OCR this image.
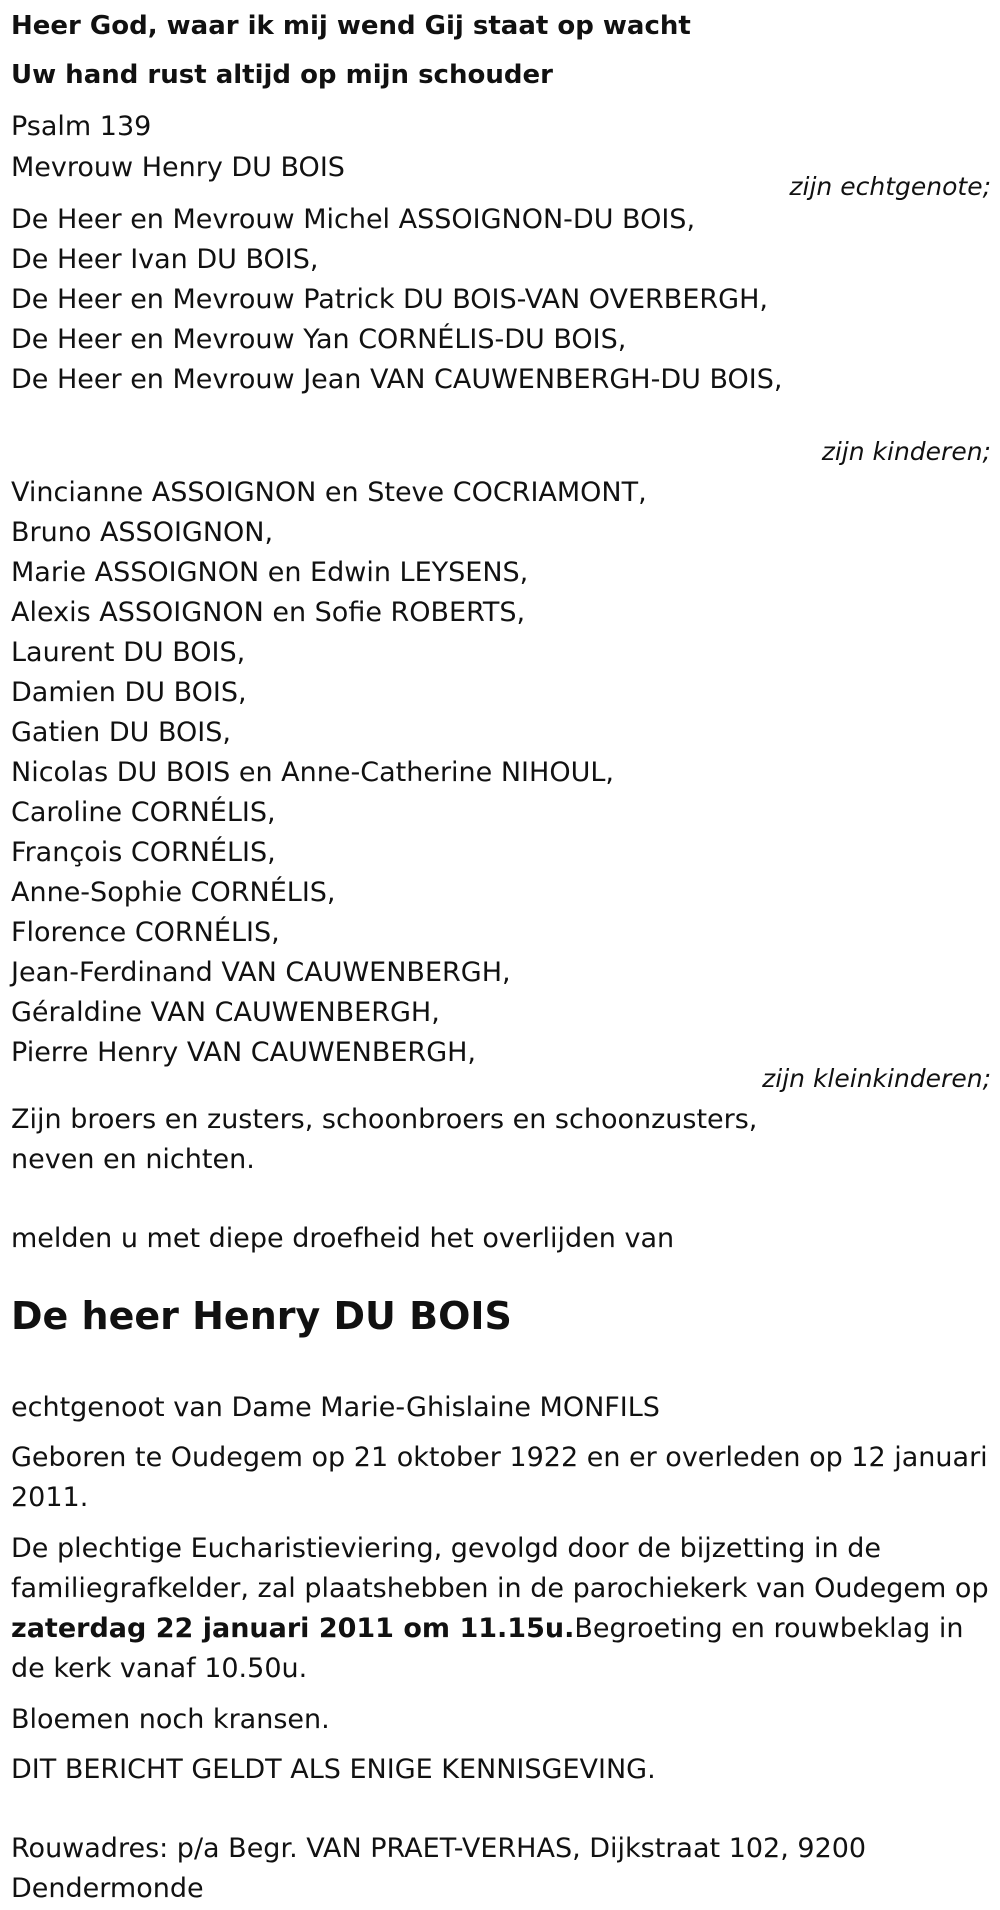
Heer God, waar ik mij wend Gij staat op wacht
Uw hand rust altijd op mijn schouder
Psalm 139
Mevrouw Henry DU BOIS
zijn echtgenote;
De Heer en Mevrouw Michel ASSOIGNON-DU BOIS,
De Heer Ivan DU BOIS,
De Heer en Mevrouw Patrick DU BOIS-VAN OVERBERGH,
De Heer en Mevrouw Yan CORNÉLIS-DU BOIS,
De Heer en Mevrouw Jean VAN CAUWENBERGH-DU BOIS,
zijn kinderen;
Vincianne ASSOIGNON en Steve COCRIAMONT,
Bruno ASSOIGNON,
Marie ASSOIGNON en Edwin LEYSENS,
Alexis ASSOIGNON en Sofie ROBERTS,
Laurent DU BOIS,
Damien DU BOIS,
Gatien DU BOIS,
Nicolas DU BOIS en Anne-Catherine NIHOUL,
Caroline CORNÉLIS,
François CORNÉLIS,
Anne-Sophie CORNÉLIS,
Florence CORNÉLIS,
Jean-Ferdinand VAN CAUWENBERGH,
Géraldine VAN CAUWENBERGH,
Pierre Henry VAN CAUWENBERGH,
zijn kleinkinderen;
Zijn broers en zusters, schoonbroers en schoonzusters,
neven en nichten.
melden u met diepe droefheid het overlijden van
De heer Henry DU BOIS
echtgenoot van Dame Marie-Ghislaine MONFILS
Geboren te Oudegem op 21 oktober 1922 en er overleden op 12 januari 2011.
De plechtige Eucharistieviering, gevolgd door de bijzetting in de familiegrafkelder, zal plaatshebben in de parochiekerk van Oudegem op zaterdag 22 januari 2011 om 11.15u.Begroeting en rouwbeklag in de kerk vanaf 10.50u.
Bloemen noch kransen.
DIT BERICHT GELDT ALS ENIGE KENNISGEVING.
Rouwadres: p/a Begr. VAN PRAET-VERHAS, Dijkstraat 102, 9200 Dendermonde
